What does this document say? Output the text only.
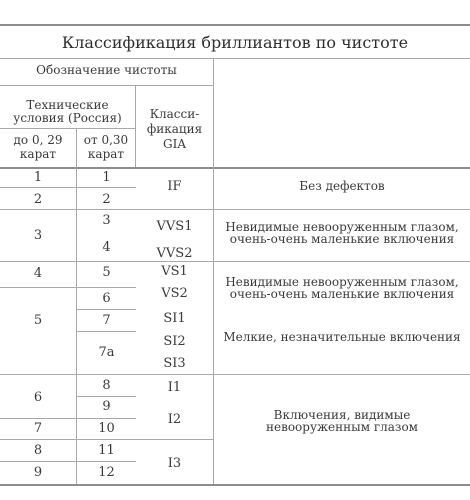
Классификация бриллиантов по чистоте
Обозначение чистоты
Технические
условия (Россия)
до 0, 29
карат
от 0,30
карат
Класси-
фикация
GIA
1
2
3
4
5
6
7
8
9
1
2
3
4
5
6
7
7а
8
9
10
11
12
IF
VVS1
VVS2
VS1
VS2
SI1
SI2
SI3
I1
I2
I3
Без дефектов
Невидимые невооруженным глазом,
очень-очень маленькие включения
Невидимые невооруженным глазом,
очень-очень маленькие включения
Мелкие, незначительные включения
Включения, видимые
невооруженным глазом
